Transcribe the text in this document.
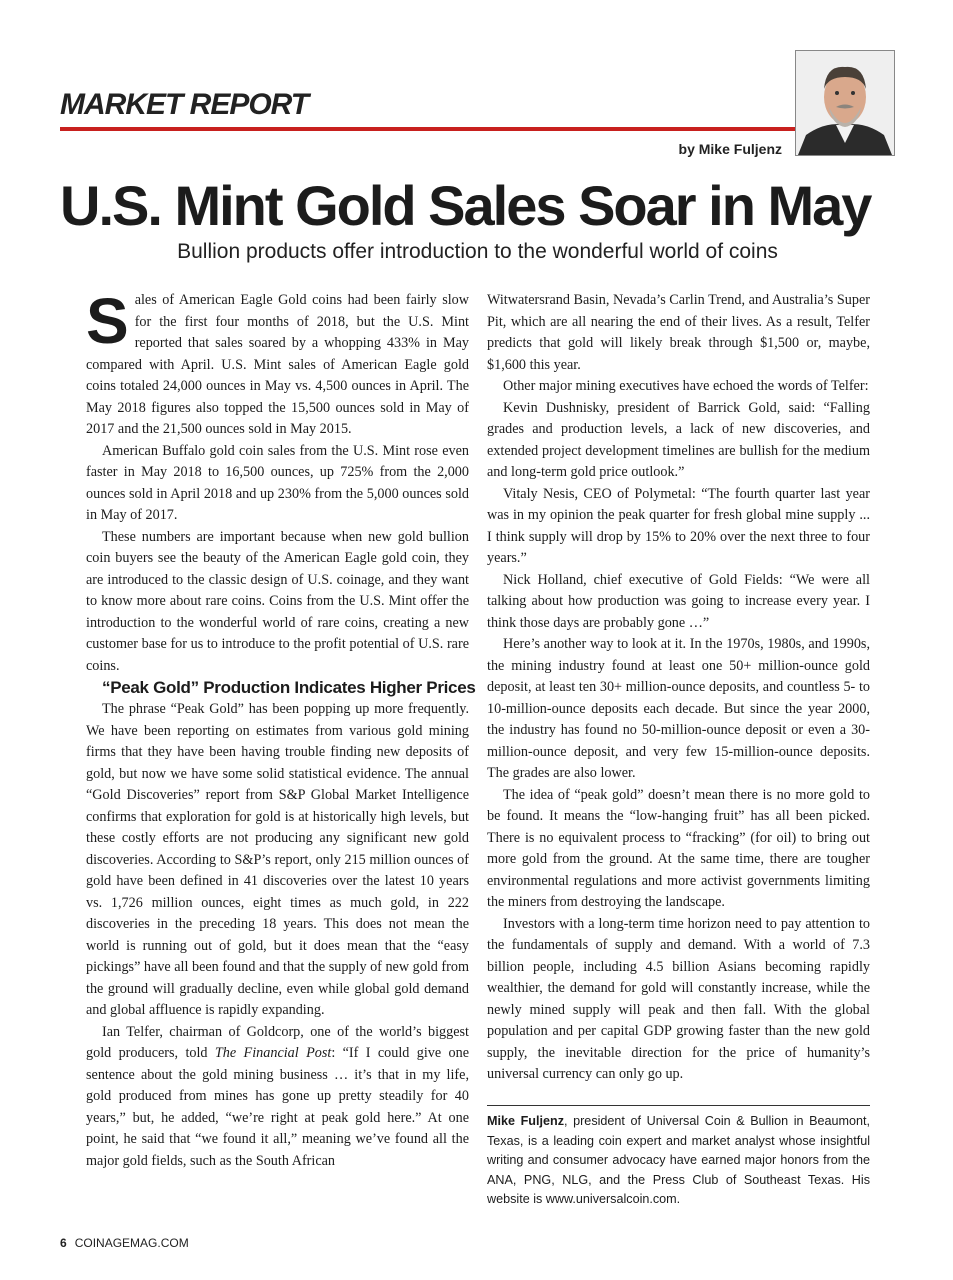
MARKET REPORT
by Mike Fuljenz
U.S. Mint Gold Sales Soar in May
Bullion products offer introduction to the wonderful world of coins

Sales of American Eagle Gold coins had been fairly slow for the first four months of 2018, but the U.S. Mint reported that sales soared by a whopping 433% in May compared with April. U.S. Mint sales of American Eagle gold coins totaled 24,000 ounces in May vs. 4,500 ounces in April. The May 2018 figures also topped the 15,500 ounces sold in May of 2017 and the 21,500 ounces sold in May 2015.

American Buffalo gold coin sales from the U.S. Mint rose even faster in May 2018 to 16,500 ounces, up 725% from the 2,000 ounces sold in April 2018 and up 230% from the 5,000 ounces sold in May of 2017.

These numbers are important because when new gold bullion coin buyers see the beauty of the American Eagle gold coin, they are introduced to the classic design of U.S. coinage, and they want to know more about rare coins. Coins from the U.S. Mint offer the introduction to the wonderful world of rare coins, creating a new customer base for us to introduce to the profit potential of U.S. rare coins.

“Peak Gold” Production Indicates Higher Prices

The phrase “Peak Gold” has been popping up more frequently. We have been reporting on estimates from various gold mining firms that they have been having trouble finding new deposits of gold, but now we have some solid statistical evidence. The annual “Gold Discoveries” report from S&P Global Market Intelligence confirms that exploration for gold is at historically high levels, but these costly efforts are not producing any significant new gold discoveries. According to S&P’s report, only 215 million ounces of gold have been defined in 41 discoveries over the latest 10 years vs. 1,726 million ounces, eight times as much gold, in 222 discoveries in the preceding 18 years. This does not mean the world is running out of gold, but it does mean that the “easy pickings” have all been found and that the supply of new gold from the ground will gradually decline, even while global gold demand and global affluence is rapidly expanding.

Ian Telfer, chairman of Goldcorp, one of the world’s biggest gold producers, told The Financial Post: “If I could give one sentence about the gold mining business … it’s that in my life, gold produced from mines has gone up pretty steadily for 40 years,” but, he added, “we’re right at peak gold here.” At one point, he said that “we found it all,” meaning we’ve found all the major gold fields, such as the South African

Witwatersrand Basin, Nevada’s Carlin Trend, and Australia’s Super Pit, which are all nearing the end of their lives. As a result, Telfer predicts that gold will likely break through $1,500 or, maybe, $1,600 this year.

Other major mining executives have echoed the words of Telfer:

Kevin Dushnisky, president of Barrick Gold, said: “Falling grades and production levels, a lack of new discoveries, and extended project development timelines are bullish for the medium and long-term gold price outlook.”

Vitaly Nesis, CEO of Polymetal: “The fourth quarter last year was in my opinion the peak quarter for fresh global mine supply ... I think supply will drop by 15% to 20% over the next three to four years.”

Nick Holland, chief executive of Gold Fields: “We were all talking about how production was going to increase every year. I think those days are probably gone …”

Here’s another way to look at it. In the 1970s, 1980s, and 1990s, the mining industry found at least one 50+ million-ounce gold deposit, at least ten 30+ million-ounce deposits, and countless 5- to 10-million-ounce deposits each decade. But since the year 2000, the industry has found no 50-million-ounce deposit or even a 30-million-ounce deposit, and very few 15-million-ounce deposits. The grades are also lower.

The idea of “peak gold” doesn’t mean there is no more gold to be found. It means the “low-hanging fruit” has all been picked. There is no equivalent process to “fracking” (for oil) to bring out more gold from the ground. At the same time, there are tougher environmental regulations and more activist governments limiting the miners from destroying the landscape.

Investors with a long-term time horizon need to pay attention to the fundamentals of supply and demand. With a world of 7.3 billion people, including 4.5 billion Asians becoming rapidly wealthier, the demand for gold will constantly increase, while the newly mined supply will peak and then fall. With the global population and per capital GDP growing faster than the new gold supply, the inevitable direction for the price of humanity’s universal currency can only go up.

Mike Fuljenz, president of Universal Coin & Bullion in Beaumont, Texas, is a leading coin expert and market analyst whose insightful writing and consumer advocacy have earned major honors from the ANA, PNG, NLG, and the Press Club of Southeast Texas. His website is www.universalcoin.com.

6 COINAGEMAG.COM
